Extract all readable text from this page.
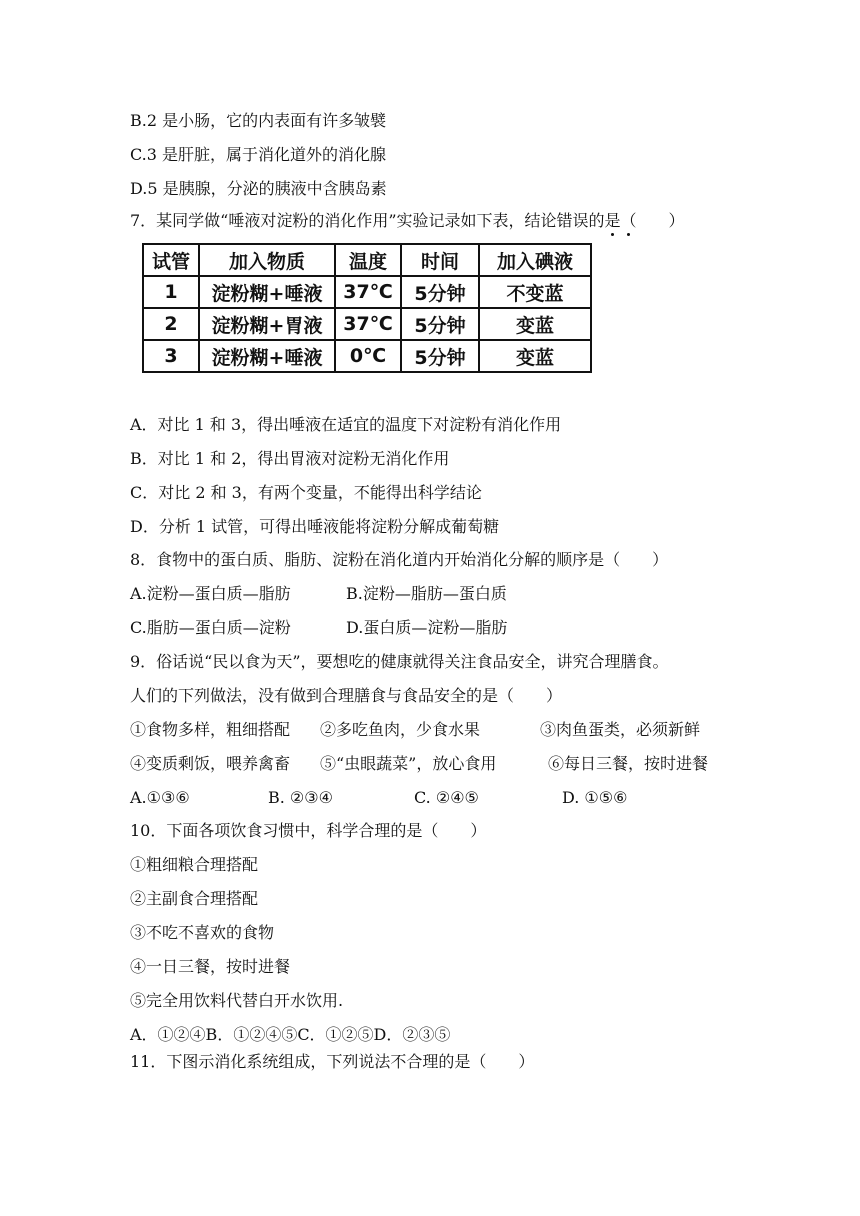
B.2 是小肠，它的内表面有许多皱襞
C.3 是肝脏，属于消化道外的消化腺
D.5 是胰腺，分泌的胰液中含胰岛素
7．某同学做“唾液对淀粉的消化作用”实验记录如下表，结论错误的是（　　）
试管	加入物质	温度	时间	加入碘液
1	淀粉糊+唾液	37℃	5分钟	不变蓝
2	淀粉糊+胃液	37℃	5分钟	变蓝
3	淀粉糊+唾液	0℃	5分钟	变蓝
A．对比 1 和 3，得出唾液在适宜的温度下对淀粉有消化作用
B．对比 1 和 2，得出胃液对淀粉无消化作用
C．对比 2 和 3，有两个变量，不能得出科学结论
D．分析 1 试管，可得出唾液能将淀粉分解成葡萄糖
8．食物中的蛋白质、脂肪、淀粉在消化道内开始消化分解的顺序是（　　）
A.淀粉—蛋白质—脂肪	B.淀粉—脂肪—蛋白质
C.脂肪—蛋白质—淀粉	D.蛋白质—淀粉—脂肪
9．俗话说“民以食为天”，要想吃的健康就得关注食品安全，讲究合理膳食。
人们的下列做法，没有做到合理膳食与食品安全的是（　　）
①食物多样，粗细搭配 ②多吃鱼肉，少食水果	③肉鱼蛋类，必须新鲜
④变质剩饭，喂养禽畜 ⑤“虫眼蔬菜”，放心食用	⑥每日三餐，按时进餐
A.①③⑥	B. ②③④	C. ②④⑤	D. ①⑤⑥
10．下面各项饮食习惯中，科学合理的是（　　）
①粗细粮合理搭配
②主副食合理搭配
③不吃不喜欢的食物
④一日三餐，按时进餐
⑤完全用饮料代替白开水饮用.
A．①②④B．①②④⑤C．①②⑤D．②③⑤
11．下图示消化系统组成，下列说法不合理的是（　　）
